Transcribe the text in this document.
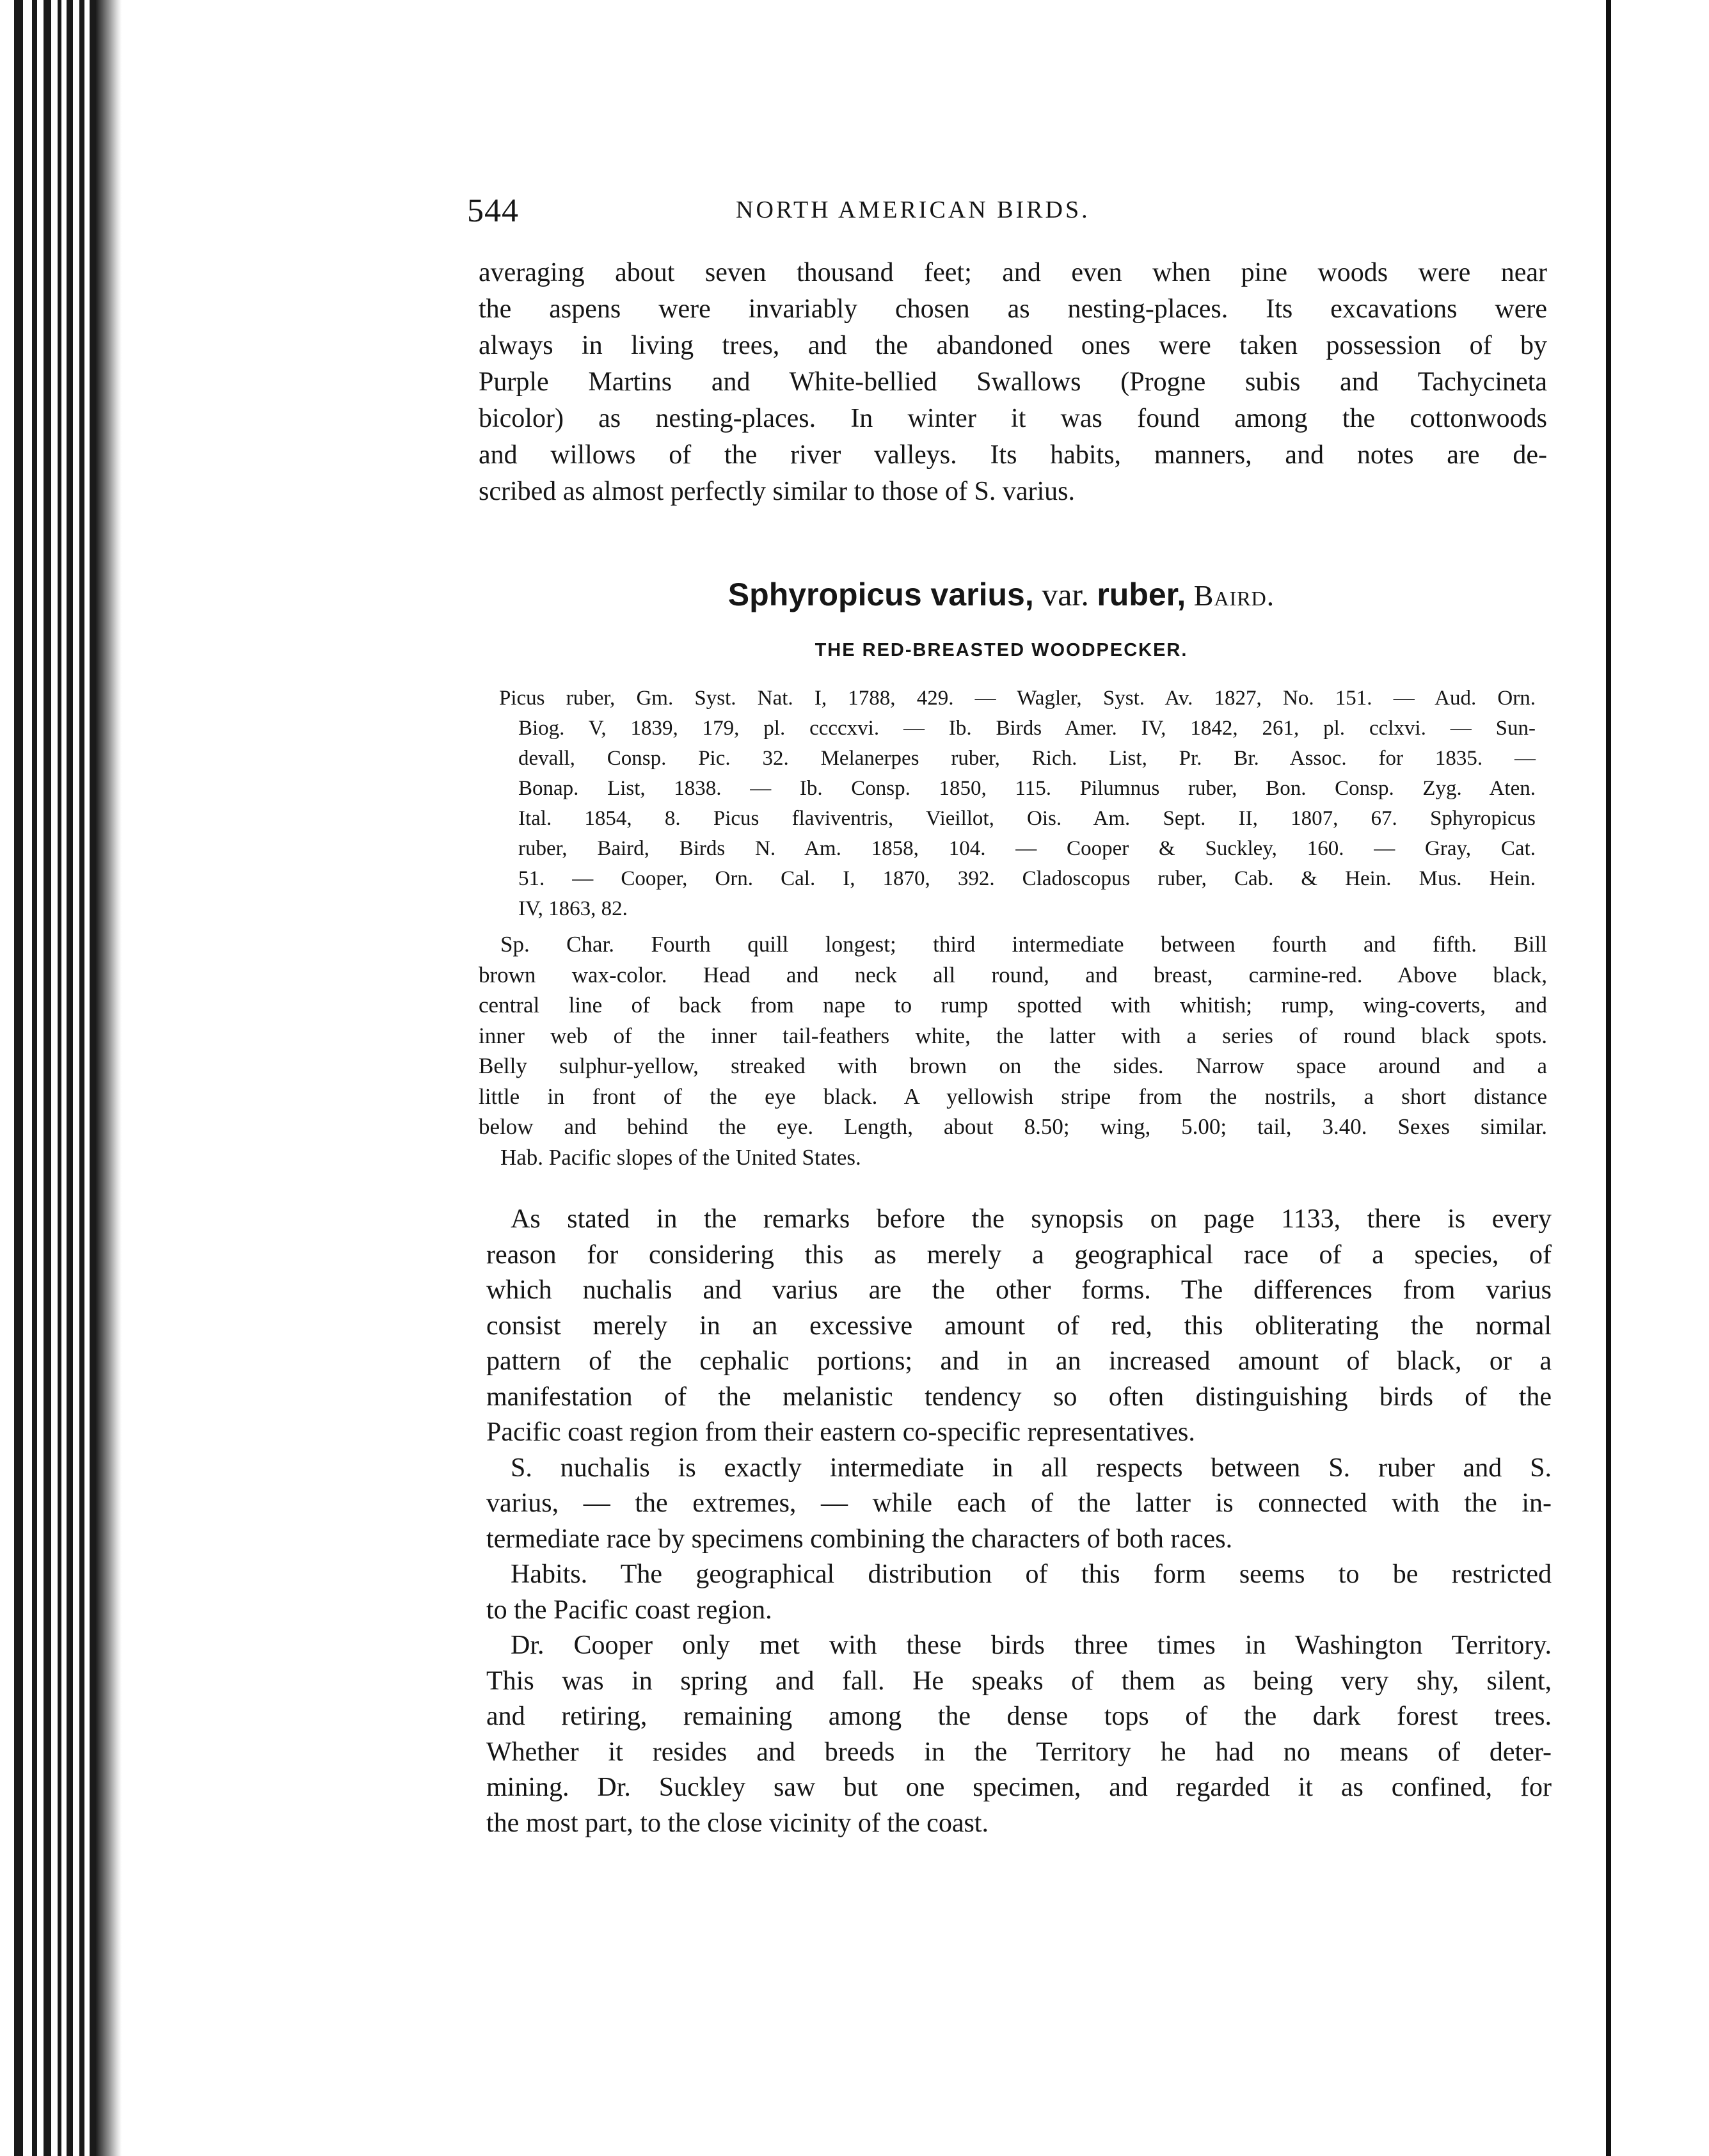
544	NORTH AMERICAN BIRDS.
averaging about seven thousand feet; and even when pine woods were near
the aspens were invariably chosen as nesting-places. Its excavations were
always in living trees, and the abandoned ones were taken possession of by
Purple Martins and White-bellied Swallows (Progne subis and Tachycineta
bicolor) as nesting-places. In winter it was found among the cottonwoods
and willows of the river valleys. Its habits, manners, and notes are de-
scribed as almost perfectly similar to those of S. varius.
Sphyropicus varius, var. ruber, Baird.
THE RED-BREASTED WOODPECKER.
Picus ruber, Gm. Syst. Nat. I, 1788, 429. — Wagler, Syst. Av. 1827, No. 151. — Aud. Orn.
Biog. V, 1839, 179, pl. ccccxvi. — Ib. Birds Amer. IV, 1842, 261, pl. cclxvi. — Sun-
devall, Consp. Pic. 32. Melanerpes ruber, Rich. List, Pr. Br. Assoc. for 1835. —
Bonap. List, 1838. — Ib. Consp. 1850, 115. Pilumnus ruber, Bon. Consp. Zyg. Aten.
Ital. 1854, 8. Picus flaviventris, Vieillot, Ois. Am. Sept. II, 1807, 67. Sphyropicus
ruber, Baird, Birds N. Am. 1858, 104. — Cooper & Suckley, 160. — Gray, Cat.
51. — Cooper, Orn. Cal. I, 1870, 392. Cladoscopus ruber, Cab. & Hein. Mus. Hein.
IV, 1863, 82.
Sp. Char. Fourth quill longest; third intermediate between fourth and fifth. Bill
brown wax-color. Head and neck all round, and breast, carmine-red. Above black,
central line of back from nape to rump spotted with whitish; rump, wing-coverts, and
inner web of the inner tail-feathers white, the latter with a series of round black spots.
Belly sulphur-yellow, streaked with brown on the sides. Narrow space around and a
little in front of the eye black. A yellowish stripe from the nostrils, a short distance
below and behind the eye. Length, about 8.50; wing, 5.00; tail, 3.40. Sexes similar.
Hab. Pacific slopes of the United States.
As stated in the remarks before the synopsis on page 1133, there is every
reason for considering this as merely a geographical race of a species, of
which nuchalis and varius are the other forms. The differences from varius
consist merely in an excessive amount of red, this obliterating the normal
pattern of the cephalic portions; and in an increased amount of black, or a
manifestation of the melanistic tendency so often distinguishing birds of the
Pacific coast region from their eastern co-specific representatives.
S. nuchalis is exactly intermediate in all respects between S. ruber and S.
varius, — the extremes, — while each of the latter is connected with the in-
termediate race by specimens combining the characters of both races.
Habits. The geographical distribution of this form seems to be restricted
to the Pacific coast region.
Dr. Cooper only met with these birds three times in Washington Territory.
This was in spring and fall. He speaks of them as being very shy, silent,
and retiring, remaining among the dense tops of the dark forest trees.
Whether it resides and breeds in the Territory he had no means of deter-
mining. Dr. Suckley saw but one specimen, and regarded it as confined, for
the most part, to the close vicinity of the coast.
